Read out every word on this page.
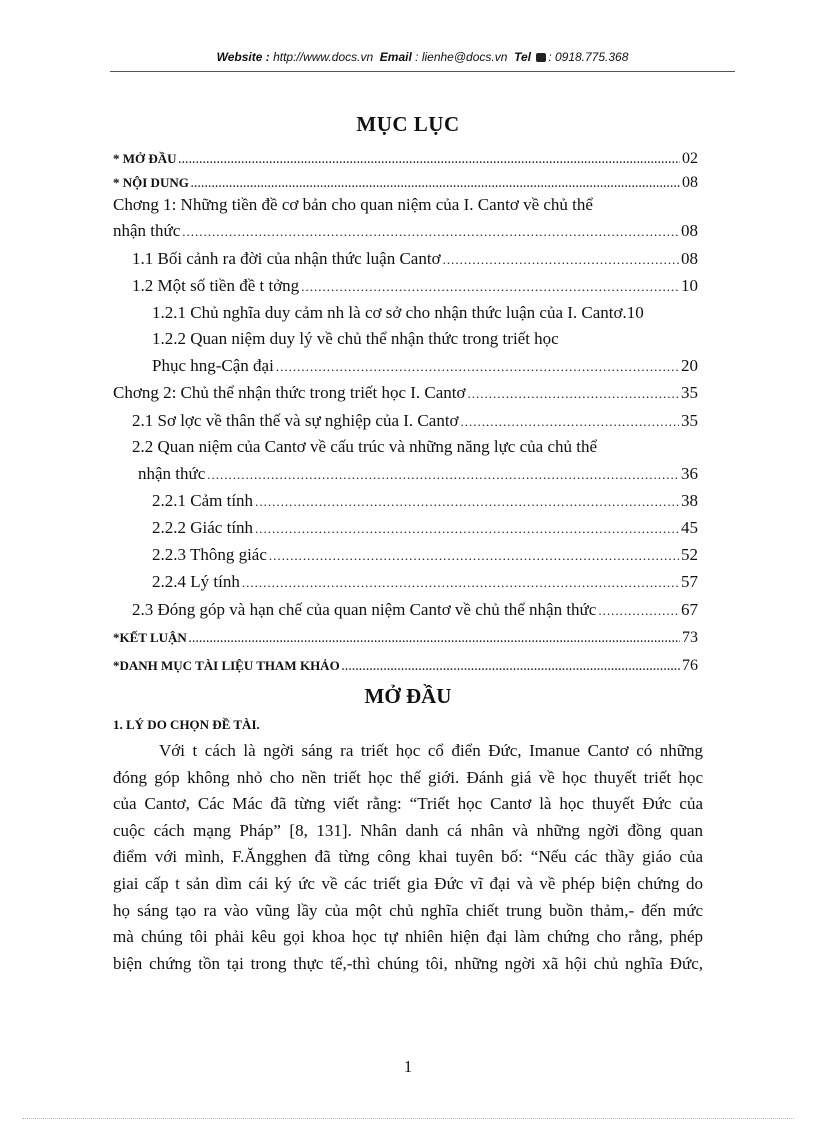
Website : http://www.docs.vn Email : lienhe@docs.vn Tel : 0918.775.368
MỤC LỤC
* MỞ ĐẦU .....	02
* NỘI DUNG .....	08
Chơng 1: Những tiền đề cơ bản cho quan niệm của I. Cantơ về chủ thể
nhận thức .....	08
1.1 Bối cảnh ra đời của nhận thức luận Cantơ .....	08
1.2 Một số tiền đề t tởng .....	10
1.2.1 Chủ nghĩa duy cảm nh là cơ sở cho nhận thức luận của I. Cantơ .10
1.2.2 Quan niệm duy lý về chủ thể nhận thức trong triết học
Phục hng-Cận đại .....	20
Chơng 2: Chủ thể nhận thức trong triết học I. Cantơ .....	35
2.1 Sơ lợc về thân thế và sự nghiệp của I. Cantơ .....	35
2.2 Quan niệm của Cantơ về cấu trúc và những năng lực của chủ thể
nhận thức .....	36
2.2.1 Cảm tính .....	38
2.2.2 Giác tính .....	45
2.2.3 Thông giác .....	52
2.2.4 Lý tính .....	57
2.3 Đóng góp và hạn chế của quan niệm Cantơ về chủ thể nhận thức .....	67
*KẾT LUẬN .....	73
*DANH MỤC TÀI LIỆU THAM KHẢO .....	76
MỞ ĐẦU
1. LÝ DO CHỌN ĐỀ TÀI.
Với t cách là ngời sáng ra triết học cổ điển Đức, Imanue Cantơ có những
đóng góp không nhỏ cho nền triết học thế giới. Đánh giá về học thuyết triết học
của Cantơ, Các Mác đã từng viết rằng: “Triết học Cantơ là học thuyết Đức của
cuộc cách mạng Pháp” [8, 131]. Nhân danh cá nhân và những ngời đồng quan
điểm với mình, F.Ăngghen đã từng công khai tuyên bố: “Nếu các thầy giáo của
giai cấp t sản dìm cái ký ức về các triết gia Đức vĩ đại và về phép biện chứng do
họ sáng tạo ra vào vũng lầy của một chủ nghĩa chiết trung buồn thảm,- đến mức
mà chúng tôi phải kêu gọi khoa học tự nhiên hiện đại làm chứng cho rằng, phép
biện chứng tồn tại trong thực tế,-thì chúng tôi, những ngời xã hội chủ nghĩa Đức,
1
